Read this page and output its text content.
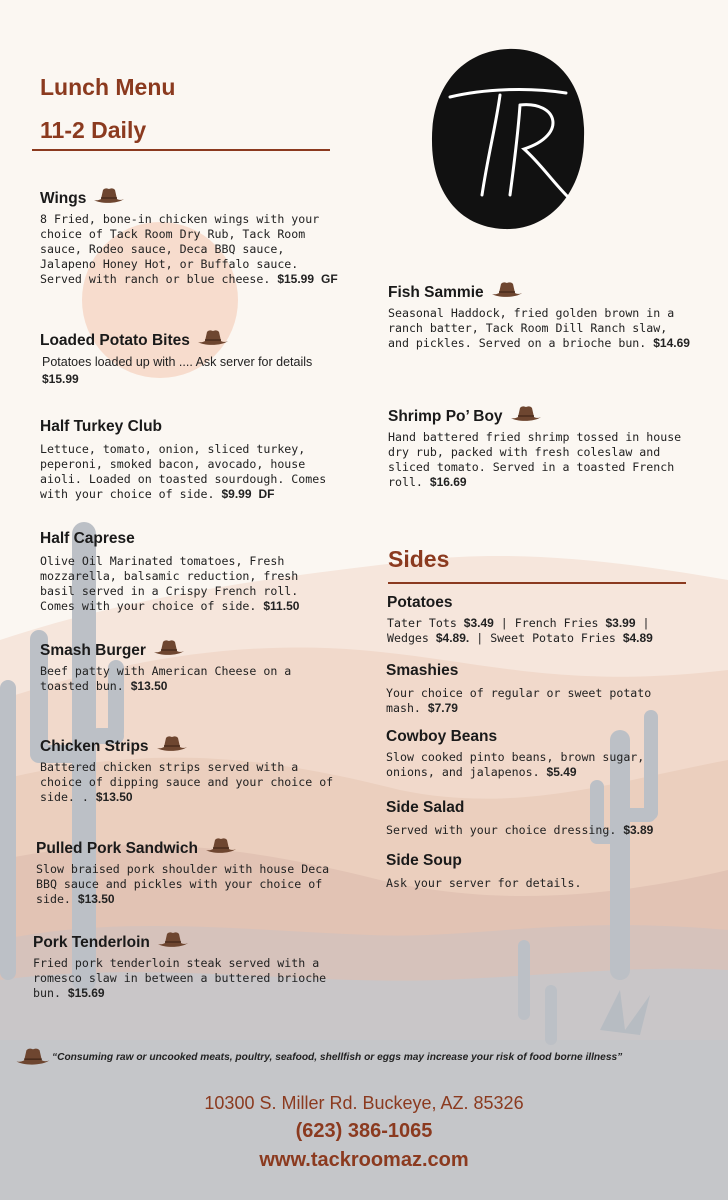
Lunch Menu
11-2 Daily
TR
Wings
8 Fried, bone-in chicken wings with your choice of Tack Room Dry Rub, Tack Room sauce, Rodeo sauce, Deca BBQ sauce, Jalapeno Honey Hot, or Buffalo sauce. Served with ranch or blue cheese. $15.99 GF
Loaded Potato Bites
Potatoes loaded up with .... Ask server for details $15.99
Half Turkey Club
Lettuce, tomato, onion, sliced turkey, peperoni, smoked bacon, avocado, house aioli. Loaded on toasted sourdough. Comes with your choice of side. $9.99 DF
Half Caprese
Olive Oil Marinated tomatoes, Fresh mozzarella, balsamic reduction, fresh basil served in a Crispy French roll. Comes with your choice of side. $11.50
Smash Burger
Beef patty with American Cheese on a toasted bun. $13.50
Chicken Strips
Battered chicken strips served with a choice of dipping sauce and your choice of side. . $13.50
Pulled Pork Sandwich
Slow braised pork shoulder with house Deca BBQ sauce and pickles with your choice of side. $13.50
Pork Tenderloin
Fried pork tenderloin steak served with a romesco slaw in between a buttered brioche bun. $15.69
Fish Sammie
Seasonal Haddock, fried golden brown in a ranch batter, Tack Room Dill Ranch slaw, and pickles. Served on a brioche bun. $14.69
Shrimp Po’ Boy
Hand battered fried shrimp tossed in house dry rub, packed with fresh coleslaw and sliced tomato. Served in a toasted French roll. $16.69
Sides
Potatoes
Tater Tots $3.49 | French Fries $3.99 | Wedges $4.89. | Sweet Potato Fries $4.89
Smashies
Your choice of regular or sweet potato mash. $7.79
Cowboy Beans
Slow cooked pinto beans, brown sugar, onions, and jalapenos. $5.49
Side Salad
Served with your choice dressing. $3.89
Side Soup
Ask your server for details.
“Consuming raw or uncooked meats, poultry, seafood, shellfish or eggs may increase your risk of food borne illness”
10300 S. Miller Rd. Buckeye, AZ. 85326
(623) 386-1065
www.tackroomaz.com
